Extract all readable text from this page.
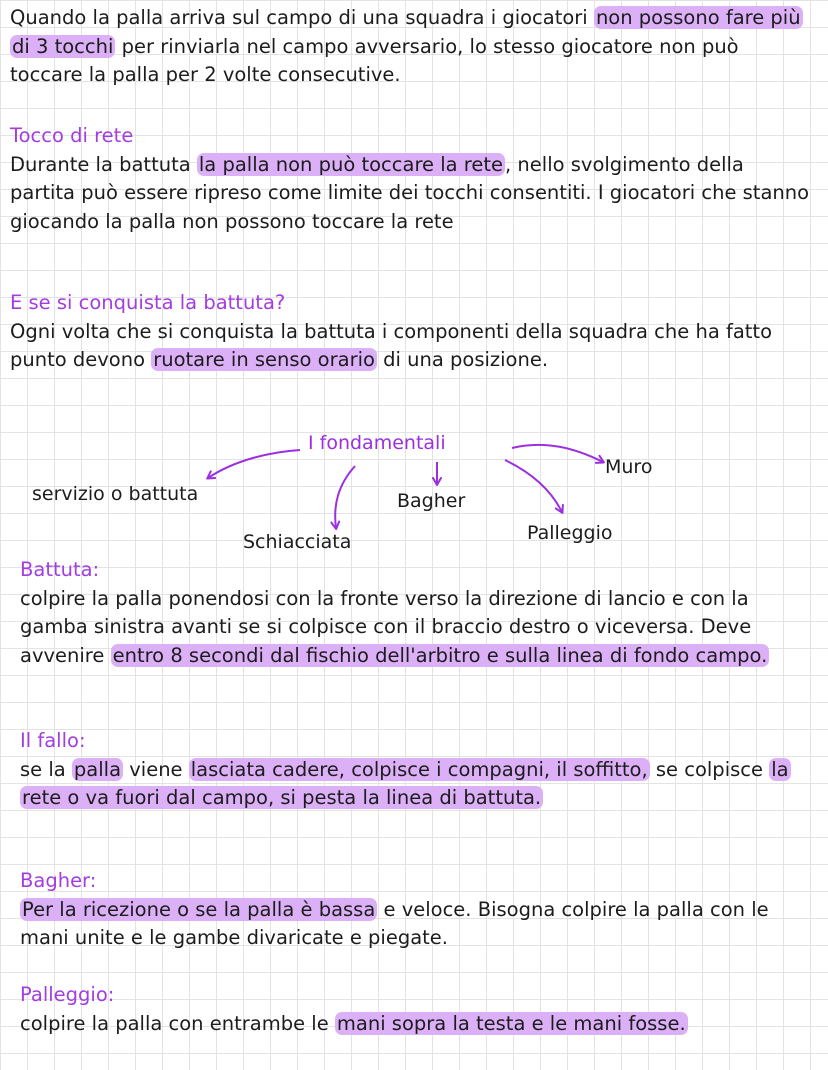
Quando la palla arriva sul campo di una squadra i giocatori non possono fare più di 3 tocchi per rinviarla nel campo avversario, lo stesso giocatore non può toccare la palla per 2 volte consecutive.
Tocco di rete
Durante la battuta la palla non può toccare la rete , nello svolgimento della partita può essere ripreso come limite dei tocchi consentiti. I giocatori che stanno giocando la palla non possono toccare la rete
E se si conquista la battuta?
Ogni volta che si conquista la battuta i componenti della squadra che ha fatto punto devono ruotare in senso orario di una posizione.
I fondamentali
servizio o battuta
Schiacciata
Bagher
Palleggio
Muro
Battuta:
colpire la palla ponendosi con la fronte verso la direzione di lancio e con la gamba sinistra avanti se si colpisce con il braccio destro o viceversa. Deve avvenire entro 8 secondi dal fischio dell'arbitro e sulla linea di fondo campo.
Il fallo:
se la palla viene lasciata cadere, colpisce i compagni, il soffitto, se colpisce la rete o va fuori dal campo, si pesta la linea di battuta.
Bagher:
Per la ricezione o se la palla è bassa e veloce. Bisogna colpire la palla con le mani unite e le gambe divaricate e piegate.
Palleggio:
colpire la palla con entrambe le mani sopra la testa e le mani fosse.
